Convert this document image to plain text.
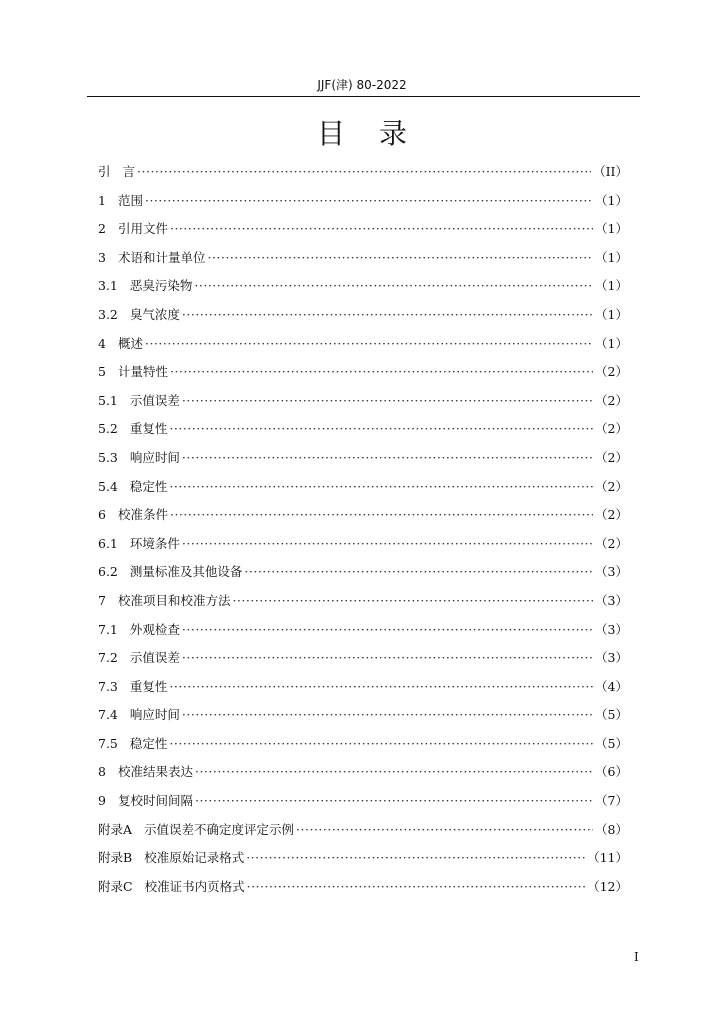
JJF(津) 80-2022
目录
引 言 ·····	（II）
1 范围 ·····	（1）
2 引用文件 ·····	（1）
3 术语和计量单位 ·····	（1）
3.1 恶臭污染物 ·····	（1）
3.2 臭气浓度 ·····	（1）
4 概述 ·····	（1）
5 计量特性 ·····	（2）
5.1 示值误差 ·····	（2）
5.2 重复性 ·····	（2）
5.3 响应时间 ·····	（2）
5.4 稳定性 ·····	（2）
6 校准条件 ·····	（2）
6.1 环境条件 ·····	（2）
6.2 测量标准及其他设备 ·····	（3）
7 校准项目和校准方法 ·····	（3）
7.1 外观检查 ·····	（3）
7.2 示值误差 ·····	（3）
7.3 重复性 ·····	（4）
7.4 响应时间 ·····	（5）
7.5 稳定性 ·····	（5）
8 校准结果表达 ·····	（6）
9 复校时间间隔 ·····	（7）
附录A 示值误差不确定度评定示例 ·····	（8）
附录B 校准原始记录格式 ·····	（11）
附录C 校准证书内页格式 ·····	（12）
I
